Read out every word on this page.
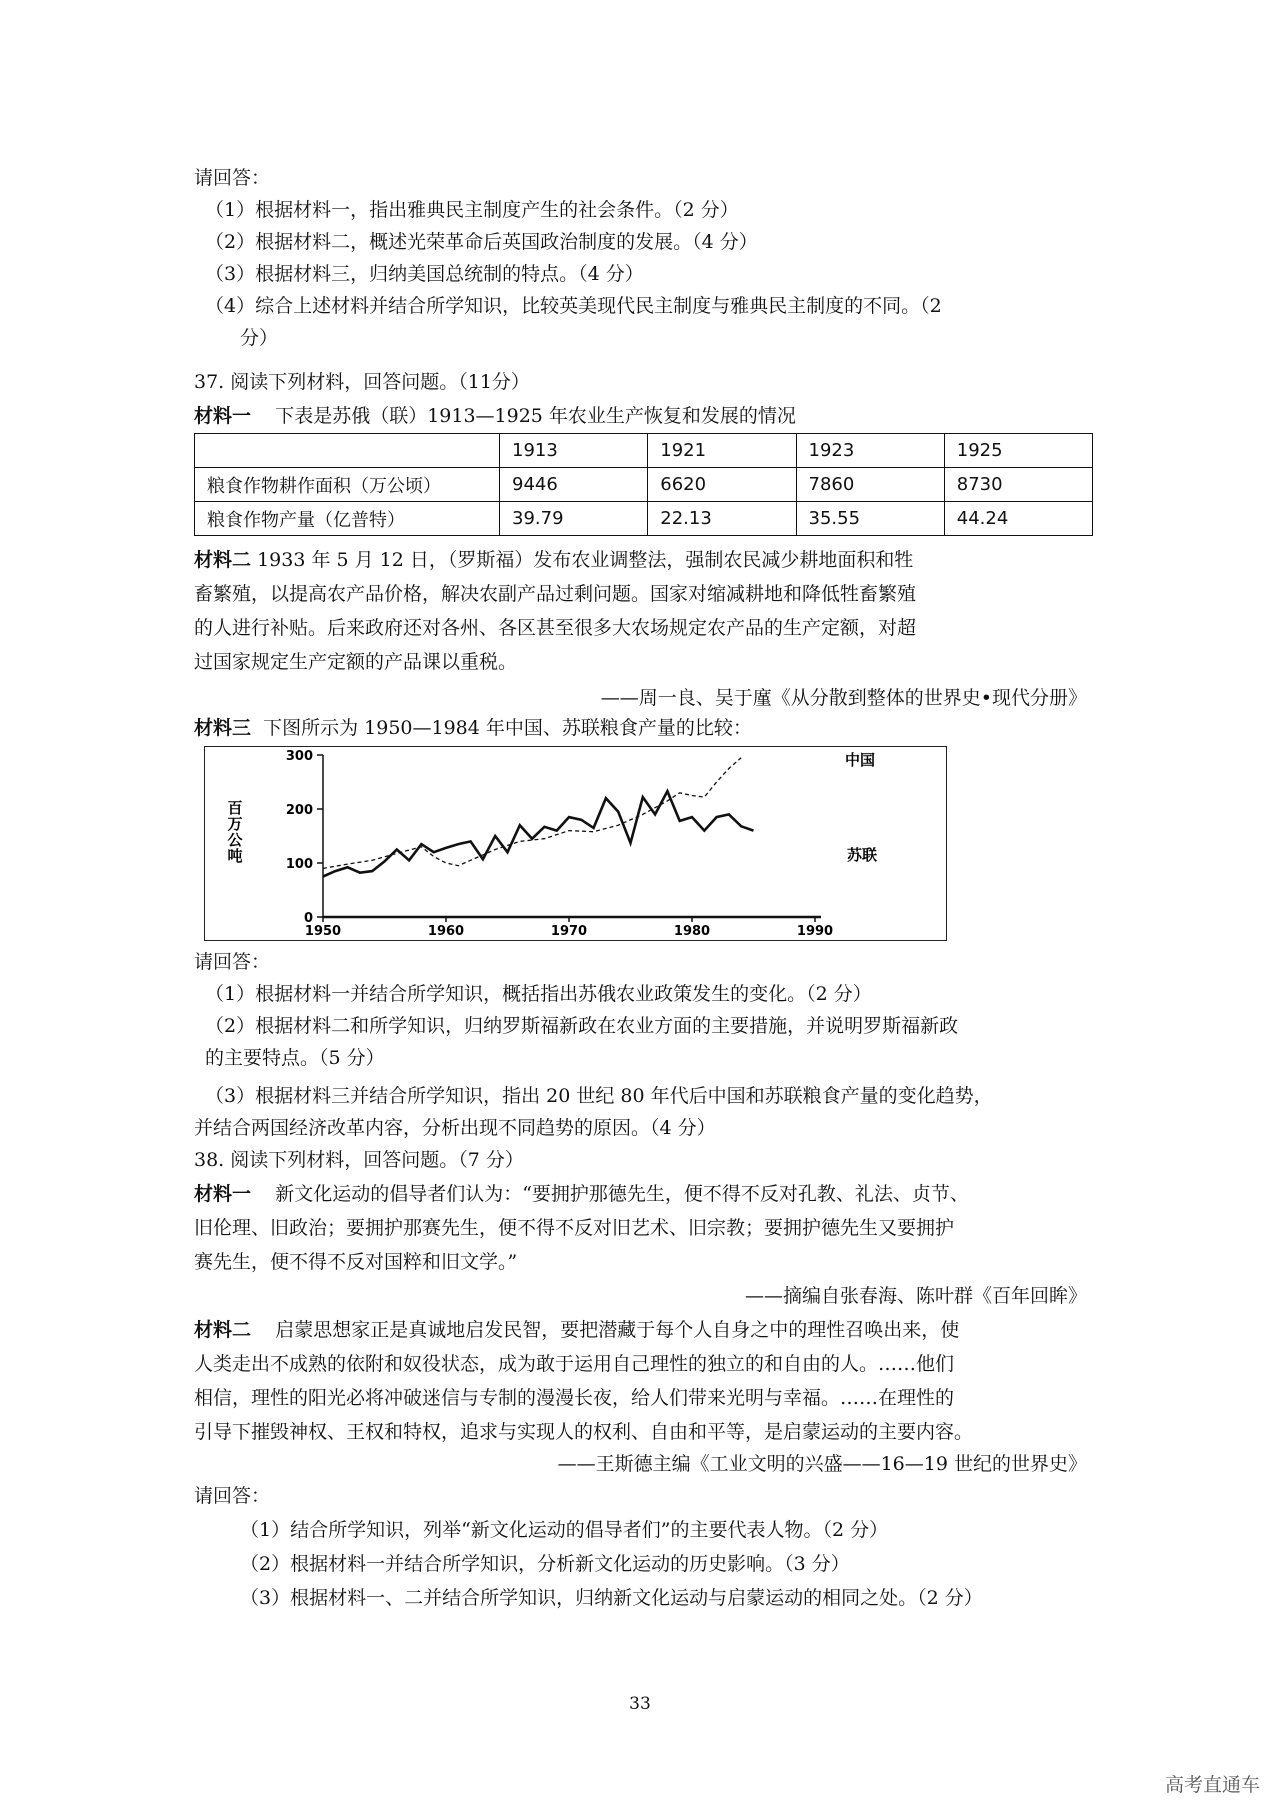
请回答：
（1）根据材料一，指出雅典民主制度产生的社会条件。（2 分）
（2）根据材料二，概述光荣革命后英国政治制度的发展。（4 分）
（3）根据材料三，归纳美国总统制的特点。（4 分）
（4）综合上述材料并结合所学知识，比较英美现代民主制度与雅典民主制度的不同。（2
分）
37. 阅读下列材料，回答问题。（11分）
材料一 下表是苏俄（联）1913—1925 年农业生产恢复和发展的情况
	1913	1921	1923	1925
粮食作物耕作面积（万公顷）	9446	6620	7860	8730
粮食作物产量（亿普特）	39.79	22.13	35.55	44.24
材料二 1933 年 5 月 12 日，（罗斯福）发布农业调整法，强制农民减少耕地面积和牲
畜繁殖，以提高农产品价格，解决农副产品过剩问题。国家对缩减耕地和降低牲畜繁殖
的人进行补贴。后来政府还对各州、各区甚至很多大农场规定农产品的生产定额，对超
过国家规定生产定额的产品课以重税。
——周一良、吴于廑《从分散到整体的世界史•现代分册》
材料三 下图所示为 1950—1984 年中国、苏联粮食产量的比较：
0
100
200
300
1950	1960	1970	1980	1990
百
万
公
吨
中国
苏联
请回答：
（1）根据材料一并结合所学知识，概括指出苏俄农业政策发生的变化。（2 分）
（2）根据材料二和所学知识，归纳罗斯福新政在农业方面的主要措施，并说明罗斯福新政
的主要特点。（5 分）
（3）根据材料三并结合所学知识，指出 20 世纪 80 年代后中国和苏联粮食产量的变化趋势，
并结合两国经济改革内容，分析出现不同趋势的原因。（4 分）
38. 阅读下列材料，回答问题。（7 分）
材料一 新文化运动的倡导者们认为：“要拥护那德先生，便不得不反对孔教、礼法、贞节、
旧伦理、旧政治；要拥护那赛先生，便不得不反对旧艺术、旧宗教；要拥护德先生又要拥护
赛先生，便不得不反对国粹和旧文学。”
——摘编自张春海、陈叶群《百年回眸》
材料二 启蒙思想家正是真诚地启发民智，要把潜藏于每个人自身之中的理性召唤出来，使
人类走出不成熟的依附和奴役状态，成为敢于运用自己理性的独立的和自由的人。……他们
相信，理性的阳光必将冲破迷信与专制的漫漫长夜，给人们带来光明与幸福。……在理性的
引导下摧毁神权、王权和特权，追求与实现人的权利、自由和平等，是启蒙运动的主要内容。
——王斯德主编《工业文明的兴盛——16—19 世纪的世界史》
请回答：
（1）结合所学知识，列举“新文化运动的倡导者们”的主要代表人物。（2 分）
（2）根据材料一并结合所学知识，分析新文化运动的历史影响。（3 分）
（3）根据材料一、二并结合所学知识，归纳新文化运动与启蒙运动的相同之处。（2 分）
33
高考直通车
